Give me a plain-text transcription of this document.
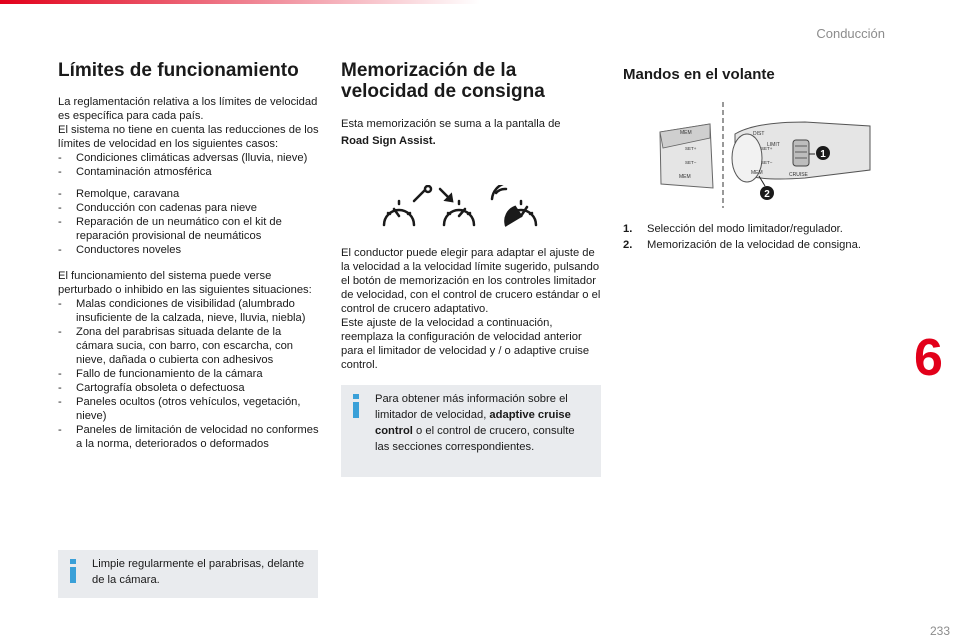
Conducción
6
Límites de funcionamiento

La reglamentación relativa a los límites de velocidad es específica para cada país.

El sistema no tiene en cuenta las reducciones de los límites de velocidad en los siguientes casos:

- Condiciones climáticas adversas (lluvia, nieve)
- Contaminación atmosférica
- Remolque, caravana
- Conducción con cadenas para nieve
- Reparación de un neumático con el kit de reparación provisional de neumáticos
- Conductores noveles

El funcionamiento del sistema puede verse perturbado o inhibido en las siguientes situaciones:

- Malas condiciones de visibilidad (alumbrado insuficiente de la calzada, nieve, lluvia, niebla)
- Zona del parabrisas situada delante de la cámara sucia, con barro, con escarcha, con nieve, dañada o cubierta con adhesivos
- Fallo de funcionamiento de la cámara
- Cartografía obsoleta o defectuosa
- Paneles ocultos (otros vehículos, vegetación, nieve)
- Paneles de limitación de velocidad no conformes a la norma, deteriorados o deformados
Limpie regularmente el parabrisas, delante de la cámara.
Memorización de la
velocidad de consigna

Esta memorización se suma a la pantalla de
Road Sign Assist.

El conductor puede elegir para adaptar el ajuste de la velocidad a la velocidad límite sugerido, pulsando el botón de memorización en los controles limitador de velocidad, con el control de crucero estándar o el control de crucero adaptativo.

Este ajuste de la velocidad a continuación, reemplaza la configuración de velocidad anterior para el limitador de velocidad y / o adaptive cruise control.

Para obtener más información sobre el limitador de velocidad, adaptive cruise control o el control de crucero, consulte las secciones correspondientes.
Mandos en el volante
MEM
SET+
SET−
MEM
DIST
LIMIT
SET+
SET−
MEM	CRUISE
1
2
1. Selección del modo limitador/regulador.
2. Memorización de la velocidad de consigna.
233
